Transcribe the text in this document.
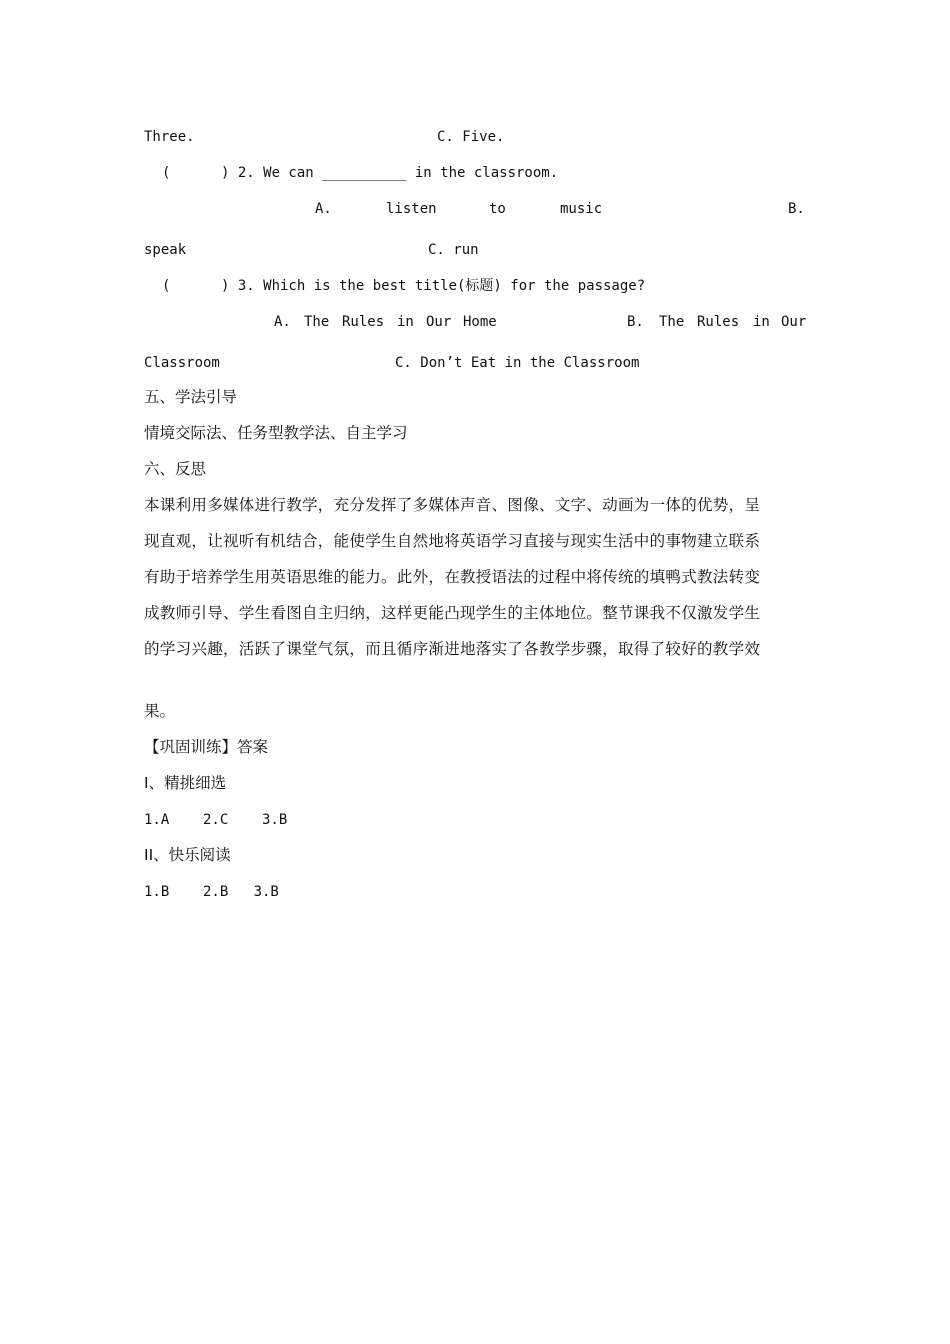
Three.	C. Five.
(      ) 2. We can __________ in the classroom.
A.	listen	to	music	B.
speak	C. run
(      ) 3. Which is the best title(标题) for the passage?
A. The Rules in Our Home	B. The Rules in Our
Classroom	C. Don’t Eat in the Classroom
五、学法引导
情境交际法、任务型教学法、自主学习
六、反思
本课利用多媒体进行教学，充分发挥了多媒体声音、图像、文字、动画为一体的优势，呈
现直观，让视听有机结合，能使学生自然地将英语学习直接与现实生活中的事物建立联系
有助于培养学生用英语思维的能力。此外，在教授语法的过程中将传统的填鸭式教法转变
成教师引导、学生看图自主归纳，这样更能凸现学生的主体地位。整节课我不仅激发学生
的学习兴趣，活跃了课堂气氛，而且循序渐进地落实了各教学步骤，取得了较好的教学效
果。
【巩固训练】答案
I、精挑细选
1.A    2.C    3.B
II、快乐阅读
1.B    2.B   3.B
